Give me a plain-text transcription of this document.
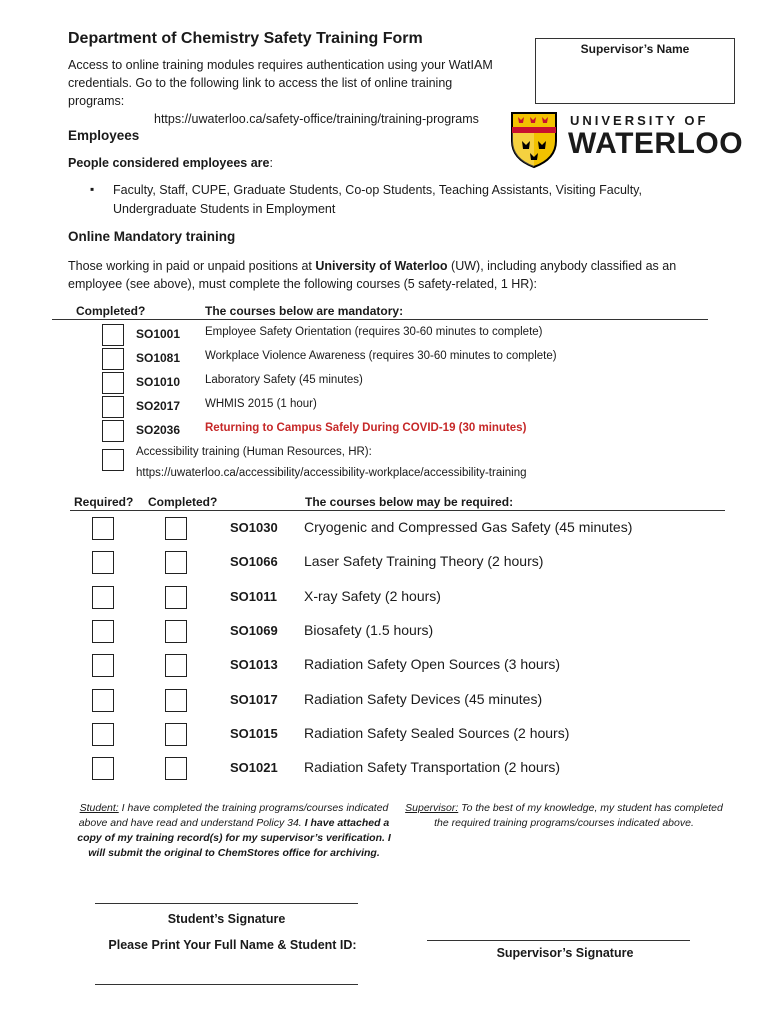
Department of Chemistry Safety Training Form
Access to online training modules requires authentication using your WatIAM credentials. Go to the following link to access the list of online training programs:
https://uwaterloo.ca/safety-office/training/training-programs
Supervisor’s Name
UNIVERSITY OF
WATERLOO
Employees
People considered employees are:
▪ Faculty, Staff, CUPE, Graduate Students, Co-op Students, Teaching Assistants, Visiting Faculty, Undergraduate Students in Employment
Online Mandatory training
Those working in paid or unpaid positions at University of Waterloo (UW), including anybody classified as an employee (see above), must complete the following courses (5 safety-related, 1 HR):
Completed?	The courses below are mandatory:
SO1001 Employee Safety Orientation (requires 30-60 minutes to complete)
SO1081 Workplace Violence Awareness (requires 30-60 minutes to complete)
SO1010 Laboratory Safety (45 minutes)
SO2017 WHMIS 2015 (1 hour)
SO2036 Returning to Campus Safely During COVID-19 (30 minutes)
Accessibility training (Human Resources, HR):
https://uwaterloo.ca/accessibility/accessibility-workplace/accessibility-training
Required? Completed?	The courses below may be required:
SO1030 Cryogenic and Compressed Gas Safety (45 minutes)
SO1066 Laser Safety Training Theory (2 hours)
SO1011 X-ray Safety (2 hours)
SO1069 Biosafety (1.5 hours)
SO1013 Radiation Safety Open Sources (3 hours)
SO1017 Radiation Safety Devices (45 minutes)
SO1015 Radiation Safety Sealed Sources (2 hours)
SO1021 Radiation Safety Transportation (2 hours)
Student: I have completed the training programs/courses indicated above and have read and understand Policy 34. I have attached a copy of my training record(s) for my supervisor’s verification. I will submit the original to ChemStores office for archiving.
Supervisor: To the best of my knowledge, my student has completed the required training programs/courses indicated above.
Student’s Signature
Please Print Your Full Name & Student ID:
Supervisor’s Signature
